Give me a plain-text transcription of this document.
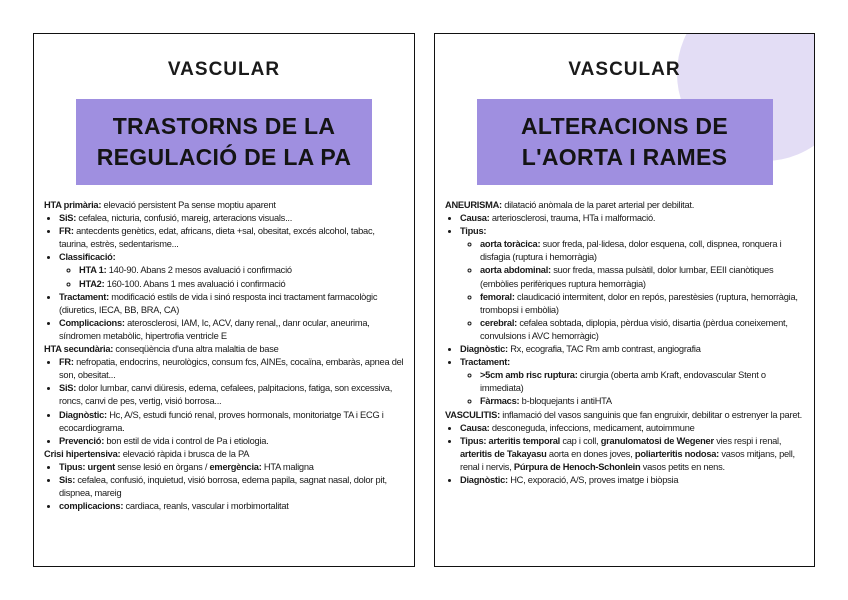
VASCULAR
TRASTORNS DE LA
REGULACIÓ DE LA PA

HTA primària: elevació persistent Pa sense moptiu aparent

• SiS: cefalea, nicturia, confusió, mareig, arteracions visuals...
• FR: antecdents genètics, edat, africans, dieta +sal, obesitat, excés alcohol, tabac, taurina, estrès, sedentarisme...
• Classificació:
◦ HTA 1: 140-90. Abans 2 mesos avaluació i confirmació
◦ HTA2: 160-100. Abans 1 mes avaluació i confirmació
• Tractament: modificació estils de vida i sinó resposta inci tractament farmacològic (diuretics, IECA, BB, BRA, CA)
• Complicacions: aterosclerosi, IAM, Ic, ACV, dany renal,, danr ocular, aneurima, síndromen metabòlic, hipertrofia ventricle E

HTA secundària: conseqüència d'una altra malaltia de base

• FR: nefropatia, endocrins, neurològics, consum fcs, AINEs, cocaïna, embaràs, apnea del son, obesitat...
• SiS: dolor lumbar, canvi diüresis, edema, cefalees, palpitacions, fatiga, son excessiva, roncs, canvi de pes, vertig, visió borrosa...
• Diagnòstic: Hc, A/S, estudi funció renal, proves hormonals, monitoriatge TA i ECG i ecocardiograma.
• Prevenció: bon estil de vida i control de Pa i etiologia.

Crisi hipertensiva: elevació ràpida i brusca de la PA

• Tipus: urgent sense lesió en òrgans / emergència: HTA maligna
• Sis: cefalea, confusió, inquietud, visió borrosa, edema papila, sagnat nasal, dolor pit, dispnea, mareig
• complicacions: cardiaca, reanls, vascular i morbimortalitat
VASCULAR
ALTERACIONS DE
L'AORTA I RAMES

ANEURISMA: dilatació anòmala de la paret arterial per debilitat.

• Causa: arteriosclerosi, trauma, HTa i malformació.
• Tipus:
◦ aorta toràcica: suor freda, pal·lidesa, dolor esquena, coll, dispnea, ronquera i disfagia (ruptura i hemorràgia)
◦ aorta abdominal: suor freda, massa pulsàtil, dolor lumbar, EEII cianòtiques (embòlies perifèriques ruptura hemorràgia)
◦ femoral: claudicació intermitent, dolor en repós, parestèsies (ruptura, hemorràgia, trombopsi i embòlia)
◦ cerebral: cefalea sobtada, diplopia, pèrdua visió, disartia (pèrdua coneixement, convulsions i AVC hemorràgic)
• Diagnòstic: Rx, ecografia, TAC Rm amb contrast, angiografia
• Tractament:
◦ >5cm amb risc ruptura: cirurgia (oberta amb Kraft, endovascular Stent o immediata)
◦ Fàrmacs: b-bloquejants i antiHTA

VASCULITIS: inflamació del vasos sanguinis que fan engruixir, debilitar o estrenyer la paret.

• Causa: desconeguda, infeccions, medicament, autoimmune
• Tipus: arteritis temporal cap i coll, granulomatosi de Wegener vies respi i renal, arteritis de Takayasu aorta en dones joves, poliarteritis nodosa: vasos mitjans, pell, renal i nervis, Púrpura de Henoch-Schonlein vasos petits en nens.
• Diagnòstic: HC, exporació, A/S, proves imatge i biòpsia
